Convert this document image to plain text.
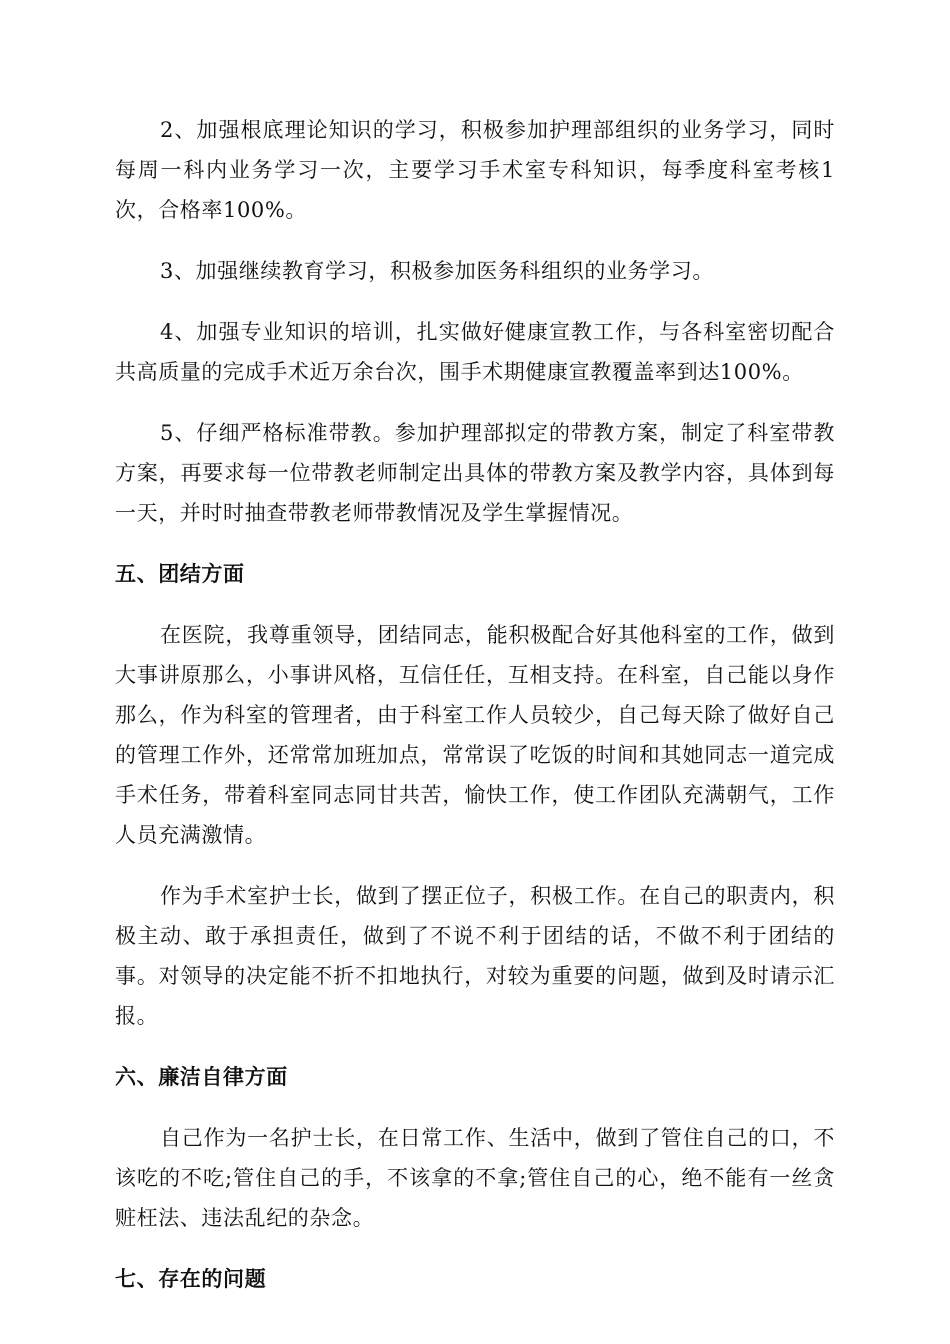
2、加强根底理论知识的学习，积极参加护理部组织的业务学习，同时每周一科内业务学习一次，主要学习手术室专科知识，每季度科室考核1次，合格率100%。

3、加强继续教育学习，积极参加医务科组织的业务学习。

4、加强专业知识的培训，扎实做好健康宣教工作，与各科室密切配合共高质量的完成手术近万余台次，围手术期健康宣教覆盖率到达100%。

5、仔细严格标准带教。参加护理部拟定的带教方案，制定了科室带教方案，再要求每一位带教老师制定出具体的带教方案及教学内容，具体到每一天，并时时抽查带教老师带教情况及学生掌握情况。

五、团结方面

在医院，我尊重领导，团结同志，能积极配合好其他科室的工作，做到大事讲原那么，小事讲风格，互信任任，互相支持。在科室，自己能以身作那么，作为科室的管理者，由于科室工作人员较少，自己每天除了做好自己的管理工作外，还常常加班加点，常常误了吃饭的时间和其她同志一道完成手术任务，带着科室同志同甘共苦，愉快工作，使工作团队充满朝气，工作人员充满激情。

作为手术室护士长，做到了摆正位子，积极工作。在自己的职责内，积极主动、敢于承担责任，做到了不说不利于团结的话，不做不利于团结的事。对领导的决定能不折不扣地执行，对较为重要的问题，做到及时请示汇报。

六、廉洁自律方面

自己作为一名护士长，在日常工作、生活中，做到了管住自己的口，不该吃的不吃;管住自己的手，不该拿的不拿;管住自己的心，绝不能有一丝贪赃枉法、违法乱纪的杂念。

七、存在的问题
